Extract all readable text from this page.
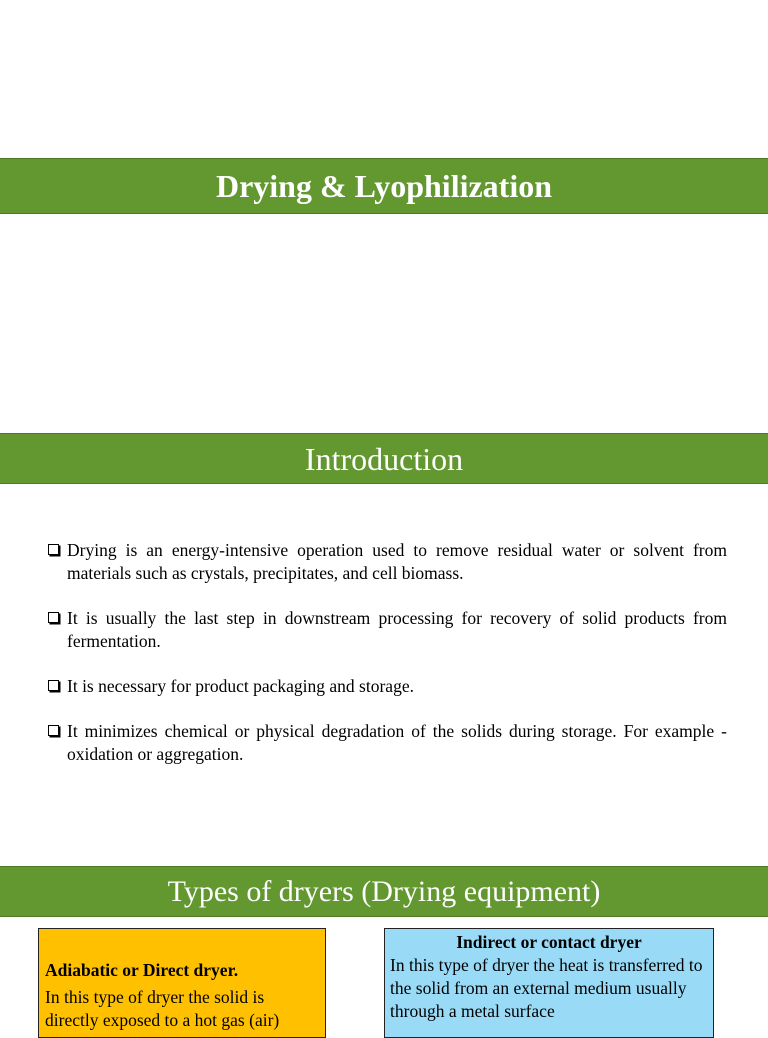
Drying & Lyophilization
Introduction
Drying is an energy-intensive operation used to remove residual water or solvent from materials such as crystals, precipitates, and cell biomass.
It is usually the last step in downstream processing for recovery of solid products from fermentation.
It is necessary for product packaging and storage.
It minimizes chemical or physical degradation of the solids during storage. For example - oxidation or aggregation.
Types of dryers (Drying equipment)
Adiabatic or Direct dryer.
In this type of dryer the solid is directly exposed to a hot gas (air)
Indirect or contact dryer
In this type of dryer the heat is transferred to the solid from an external medium usually through a metal surface
